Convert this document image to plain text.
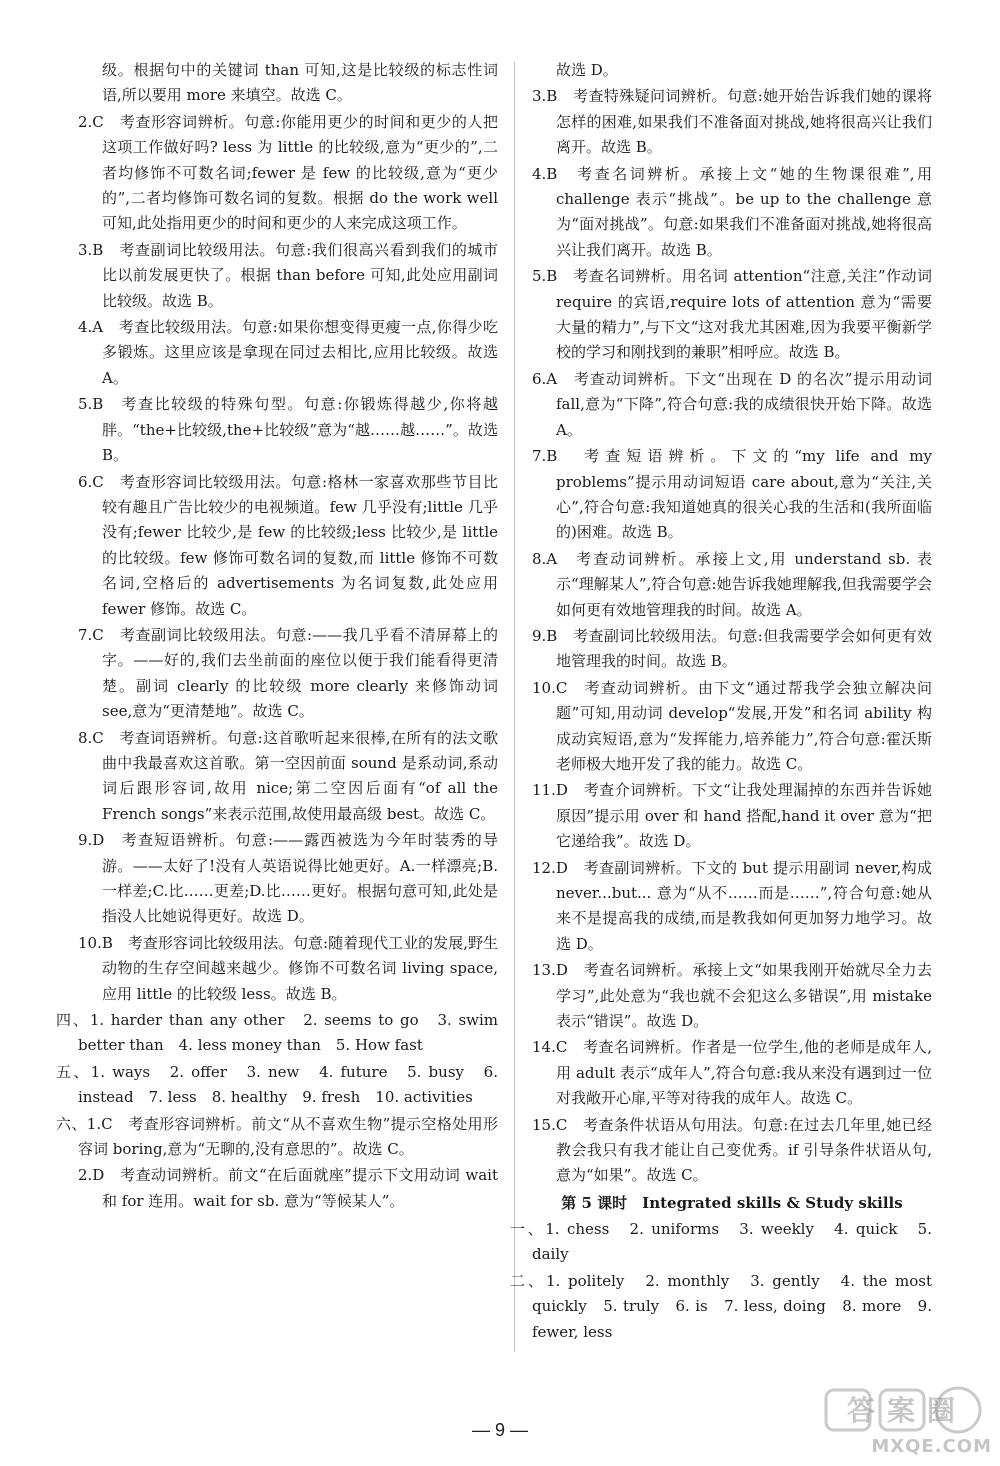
级。根据句中的关键词 than 可知,这是比较级的标志性词语,所以要用 more 来填空。故选 C。

2.C　考查形容词辨析。句意:你能用更少的时间和更少的人把这项工作做好吗? less 为 little 的比较级,意为“更少的”,二者均修饰不可数名词;fewer 是 few 的比较级,意为“更少的”,二者均修饰可数名词的复数。根据 do the work well 可知,此处指用更少的时间和更少的人来完成这项工作。

3.B　考查副词比较级用法。句意:我们很高兴看到我们的城市比以前发展更快了。根据 than before 可知,此处应用副词比较级。故选 B。

4.A　考查比较级用法。句意:如果你想变得更瘦一点,你得少吃多锻炼。这里应该是拿现在同过去相比,应用比较级。故选 A。

5.B　考查比较级的特殊句型。句意:你锻炼得越少,你将越胖。“the+比较级,the+比较级”意为“越……越……”。故选 B。

6.C　考查形容词比较级用法。句意:格林一家喜欢那些节目比较有趣且广告比较少的电视频道。few 几乎没有;little 几乎没有;fewer 比较少,是 few 的比较级;less 比较少,是 little 的比较级。few 修饰可数名词的复数,而 little 修饰不可数名词,空格后的 advertisements 为名词复数,此处应用 fewer 修饰。故选 C。

7.C　考查副词比较级用法。句意:——我几乎看不清屏幕上的字。——好的,我们去坐前面的座位以便于我们能看得更清楚。副词 clearly 的比较级 more clearly 来修饰动词 see,意为“更清楚地”。故选 C。

8.C　考查词语辨析。句意:这首歌听起来很棒,在所有的法文歌曲中我最喜欢这首歌。第一空因前面 sound 是系动词,系动词后跟形容词,故用 nice;第二空因后面有“of all the French songs”来表示范围,故使用最高级 best。故选 C。

9.D　考查短语辨析。句意:——露西被选为今年时装秀的导游。——太好了!没有人英语说得比她更好。A.一样漂亮;B.一样差;C.比……更差;D.比……更好。根据句意可知,此处是指没人比她说得更好。故选 D。

10.B　考查形容词比较级用法。句意:随着现代工业的发展,野生动物的生存空间越来越少。修饰不可数名词 living space,应用 little 的比较级 less。故选 B。

四、1. harder than any other　2. seems to go　3. swim better than　4. less money than　5. How fast

五、1. ways　2. offer　3. new　4. future　5. busy　6. instead　7. less　8. healthy　9. fresh　10. activities

六、1.C　考查形容词辨析。前文“从不喜欢生物”提示空格处用形容词 boring,意为“无聊的,没有意思的”。故选 C。

2.D　考查动词辨析。前文“在后面就座”提示下文用动词 wait 和 for 连用。wait for sb. 意为“等候某人”。

故选 D。

3.B　考查特殊疑问词辨析。句意:她开始告诉我们她的课将怎样的困难,如果我们不准备面对挑战,她将很高兴让我们离开。故选 B。

4.B　考查名词辨析。承接上文“她的生物课很难”,用 challenge 表示“挑战”。be up to the challenge 意为“面对挑战”。句意:如果我们不准备面对挑战,她将很高兴让我们离开。故选 B。

5.B　考查名词辨析。用名词 attention“注意,关注”作动词 require 的宾语,require lots of attention 意为“需要大量的精力”,与下文“这对我尤其困难,因为我要平衡新学校的学习和刚找到的兼职”相呼应。故选 B。

6.A　考查动词辨析。下文“出现在 D 的名次”提示用动词 fall,意为“下降”,符合句意:我的成绩很快开始下降。故选 A。

7.B　考查短语辨析。下文的“my life and my problems”提示用动词短语 care about,意为“关注,关心”,符合句意:我知道她真的很关心我的生活和(我所面临的)困难。故选 B。

8.A　考查动词辨析。承接上文,用 understand sb. 表示“理解某人”,符合句意:她告诉我她理解我,但我需要学会如何更有效地管理我的时间。故选 A。

9.B　考查副词比较级用法。句意:但我需要学会如何更有效地管理我的时间。故选 B。

10.C　考查动词辨析。由下文“通过帮我学会独立解决问题”可知,用动词 develop“发展,开发”和名词 ability 构成动宾短语,意为“发挥能力,培养能力”,符合句意:霍沃斯老师极大地开发了我的能力。故选 C。

11.D　考查介词辨析。下文“让我处理漏掉的东西并告诉她原因”提示用 over 和 hand 搭配,hand it over 意为“把它递给我”。故选 D。

12.D　考查副词辨析。下文的 but 提示用副词 never,构成 never...but... 意为“从不……而是……”,符合句意:她从来不是提高我的成绩,而是教我如何更加努力地学习。故选 D。

13.D　考查名词辨析。承接上文“如果我刚开始就尽全力去学习”,此处意为“我也就不会犯这么多错误”,用 mistake 表示“错误”。故选 D。

14.C　考查名词辨析。作者是一位学生,他的老师是成年人,用 adult 表示“成年人”,符合句意:我从来没有遇到过一位对我敞开心扉,平等对待我的成年人。故选 C。

15.C　考查条件状语从句用法。句意:在过去几年里,她已经教会我只有我才能让自己变优秀。if 引导条件状语从句,意为“如果”。故选 C。

第 5 课时　Integrated skills & Study skills

一、1. chess　2. uniforms　3. weekly　4. quick　5. daily

二、1. politely　2. monthly　3. gently　4. the most quickly　5. truly　6. is　7. less, doing　8. more　9. fewer, less

— 9 —
答案圈
MXQE.COM
